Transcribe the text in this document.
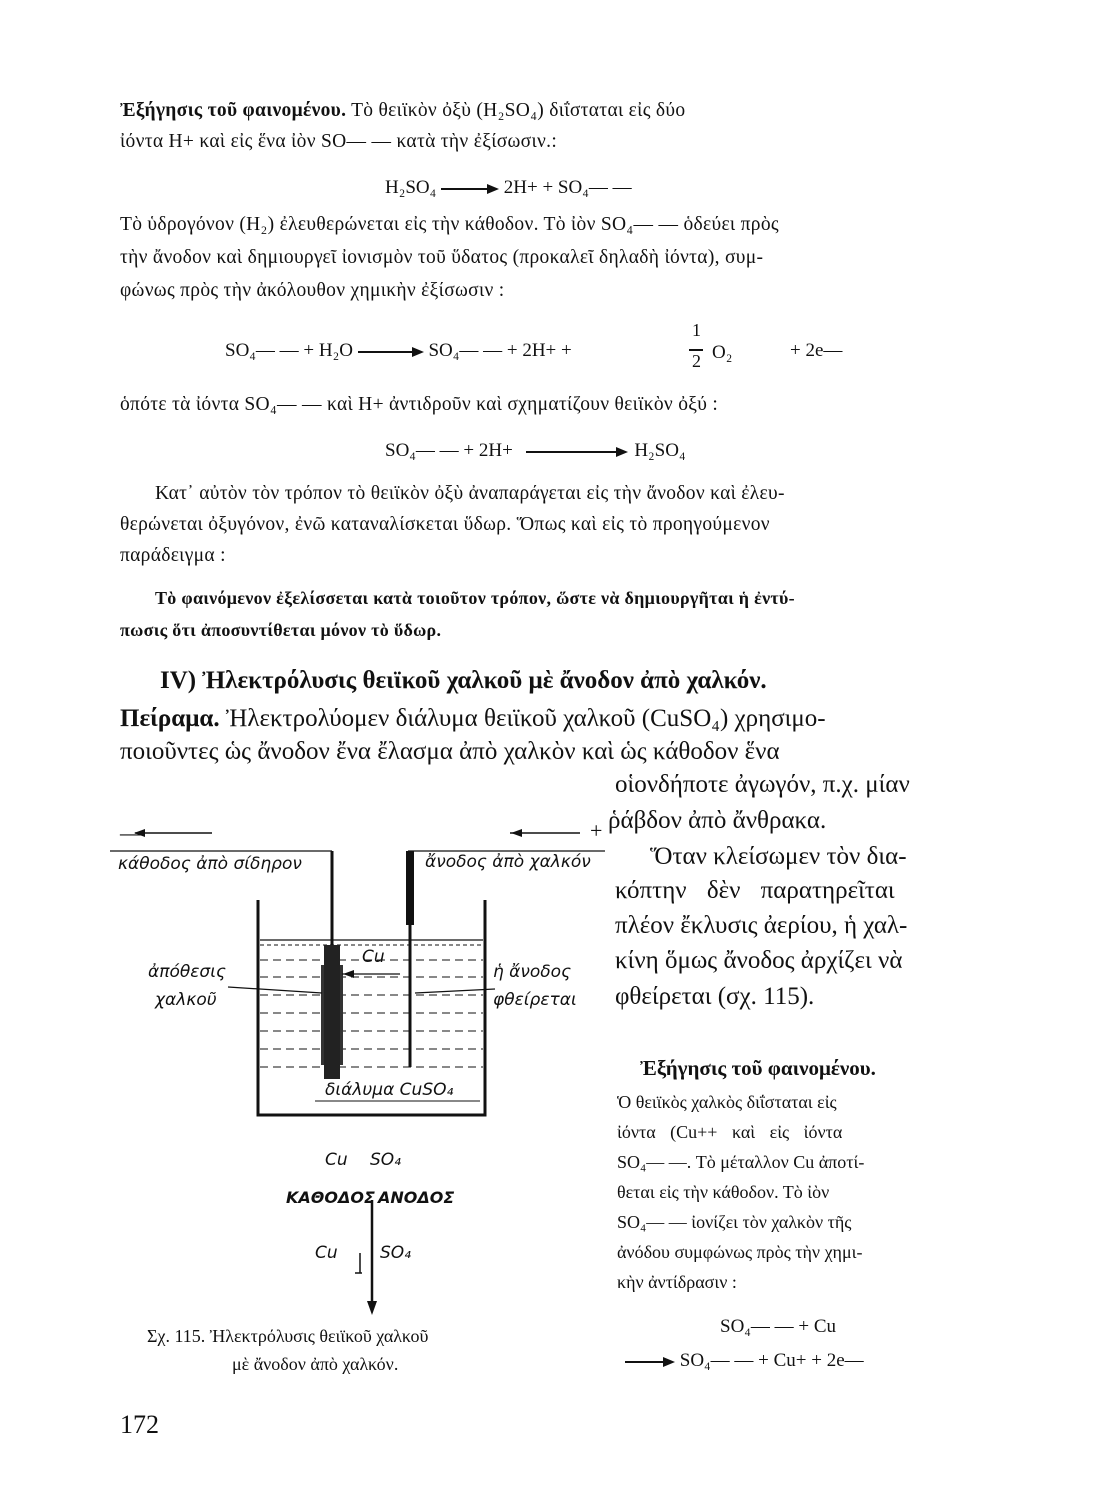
Ἐξήγησις τοῦ φαινομένου. Τὸ θειϊκὸν ὀξὺ (H₂SO₄) διΐσταται εἰς δύο
ἰόντα H+ καὶ εἰς ἕνα ἰὸν SO— — κατὰ τὴν ἐξίσωσιν.:
H₂SO₄	2H+ + SO₄— —
Τὸ ὑδρογόνον (H₂) ἐλευθερώνεται εἰς τὴν κάθοδον. Τὸ ἰὸν SO₄— — ὁδεύει πρὸς
τὴν ἄνοδον καὶ δημιουργεῖ ἰονισμὸν τοῦ ὕδατος (προκαλεῖ δηλαδὴ ἰόντα), συμ-
φώνως πρὸς τὴν ἀκόλουθον χημικὴν ἐξίσωσιν :
SO₄— — + H₂O	SO₄— — + 2H+ +
1
2 O₂	+ 2e—
ὁπότε τὰ ἰόντα SO₄— — καὶ H+ ἀντιδροῦν καὶ σχηματίζουν θειϊκὸν ὀξύ :
SO₄— — + 2H+	H₂SO₄
Κατ᾽ αὐτὸν τὸν τρόπον τὸ θειϊκὸν ὀξὺ ἀναπαράγεται εἰς τὴν ἄνοδον καὶ ἐλευ-
θερώνεται ὀξυγόνον, ἐνῶ καταναλίσκεται ὕδωρ. Ὅπως καὶ εἰς τὸ προηγούμενον
παράδειγμα :
Τὸ φαινόμενον ἐξελίσσεται κατὰ τοιοῦτον τρόπον, ὥστε νὰ δημιουργῆται ἡ ἐντύ-
πωσις ὅτι ἀποσυντίθεται μόνον τὸ ὕδωρ.
IV) Ἠλεκτρόλυσις θειϊκοῦ χαλκοῦ μὲ ἄνοδον ἀπὸ χαλκόν.
Πείραμα. Ἠλεκτρολύομεν διάλυμα θειϊκοῦ χαλκοῦ (CuSO₄) χρησιμο-
ποιοῦντες ὡς ἄνοδον ἔνα ἔλασμα ἀπὸ χαλκὸν καὶ ὡς κάθοδον ἕνα
οἱονδήποτε ἀγωγόν, π.χ. μίαν
ῥάβδον ἀπὸ ἄνθρακα.
Ὅταν κλείσωμεν τὸν δια-
κόπτην δὲν παρατηρεῖται
πλέον ἔκλυσις ἀερίου, ἡ χαλ-
κίνη ὅμως ἄνοδος ἀρχίζει νὰ
φθείρεται (σχ. 115).
Ἐξήγησις τοῦ φαινομένου.
Ὁ θειϊκὸς χαλκὸς διΐσταται εἰς
ἰόντα (Cu++ καὶ εἰς ἰόντα
SO₄— —. Τὸ μέταλλον Cu ἀποτί-
θεται εἰς τὴν κάθοδον. Τὸ ἰὸν
SO₄— — ἰονίζει τὸν χαλκὸν τῆς
ἀνόδου συμφώνως πρὸς τὴν χημι-
κὴν ἀντίδρασιν :
SO₄— — + Cu
SO₄— — + Cu+ + 2e—
—	+
κάθοδος ἀπὸ σίδηρον	ἄνοδος ἀπὸ χαλκόν
ἀπόθεσις
χαλκοῦ
Cu
ἡ ἄνοδος
φθείρεται
διάλυμα CuSO₄
Cu SO₄
ΚΑΘΟΔΟΣ ΑΝΟΔΟΣ
Cu SO₄
Σχ. 115. Ἠλεκτρόλυσις θειϊκοῦ χαλκοῦ
μὲ ἄνοδον ἀπὸ χαλκόν.
172
